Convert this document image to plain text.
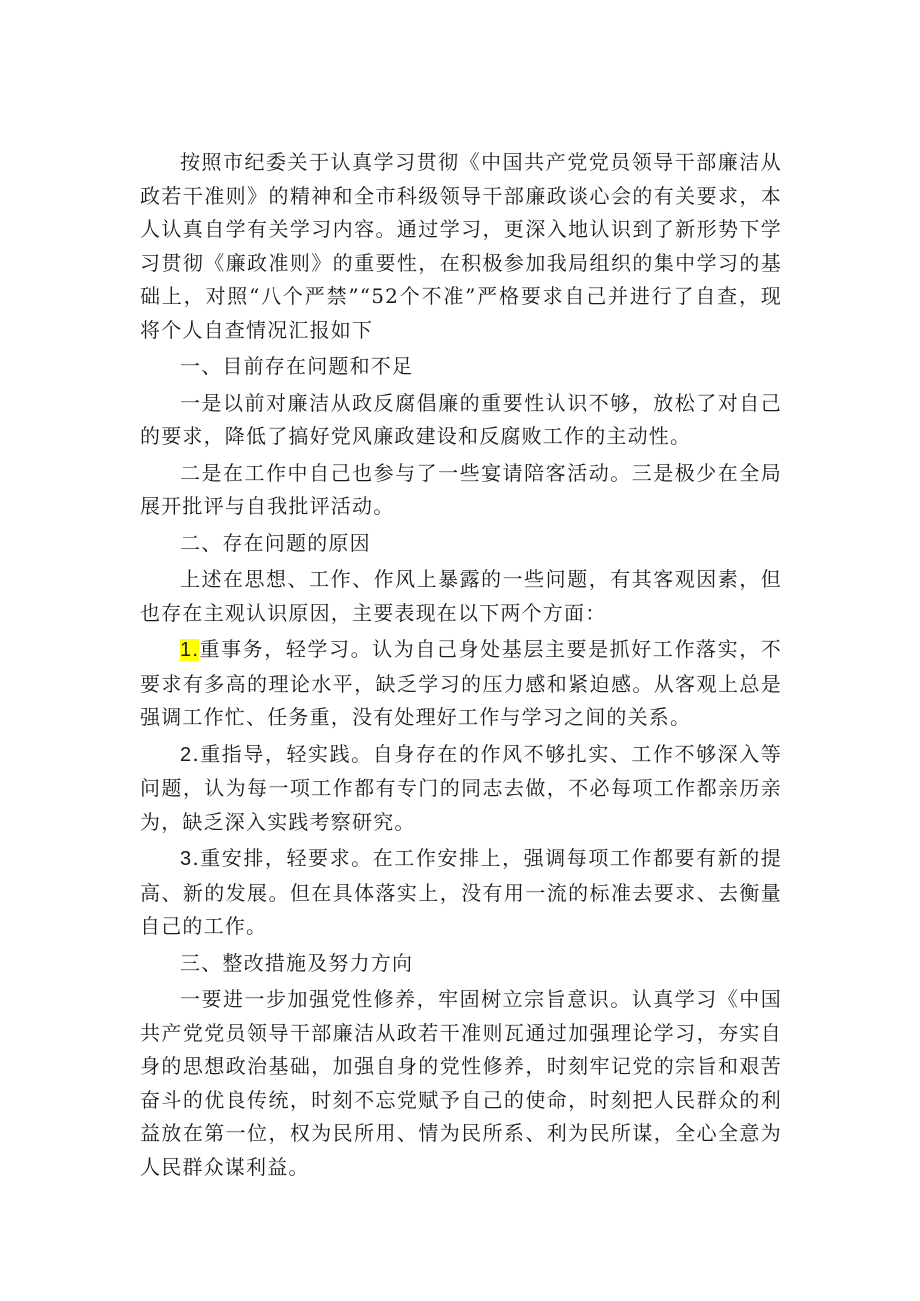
按照市纪委关于认真学习贯彻《中国共产党党员领导干部廉洁从政若干准则》的精神和全市科级领导干部廉政谈心会的有关要求，本人认真自学有关学习内容。通过学习，更深入地认识到了新形势下学习贯彻《廉政准则》的重要性，在积极参加我局组织的集中学习的基础上，对照“八个严禁”“52个不准”严格要求自己并进行了自查，现将个人自查情况汇报如下

一、目前存在问题和不足

一是以前对廉洁从政反腐倡廉的重要性认识不够，放松了对自己的要求，降低了搞好党风廉政建设和反腐败工作的主动性。

二是在工作中自己也参与了一些宴请陪客活动。三是极少在全局展开批评与自我批评活动。

二、存在问题的原因

上述在思想、工作、作风上暴露的一些问题，有其客观因素，但也存在主观认识原因，主要表现在以下两个方面：

1.重事务，轻学习。认为自己身处基层主要是抓好工作落实，不要求有多高的理论水平，缺乏学习的压力感和紧迫感。从客观上总是强调工作忙、任务重，没有处理好工作与学习之间的关系。

2.重指导，轻实践。自身存在的作风不够扎实、工作不够深入等问题，认为每一项工作都有专门的同志去做，不必每项工作都亲历亲为，缺乏深入实践考察研究。

3.重安排，轻要求。在工作安排上，强调每项工作都要有新的提高、新的发展。但在具体落实上，没有用一流的标准去要求、去衡量自己的工作。

三、整改措施及努力方向

一要进一步加强党性修养，牢固树立宗旨意识。认真学习《中国共产党党员领导干部廉洁从政若干准则瓦通过加强理论学习，夯实自身的思想政治基础，加强自身的党性修养，时刻牢记党的宗旨和艰苦奋斗的优良传统，时刻不忘党赋予自己的使命，时刻把人民群众的利益放在第一位，权为民所用、情为民所系、利为民所谋，全心全意为人民群众谋利益。
